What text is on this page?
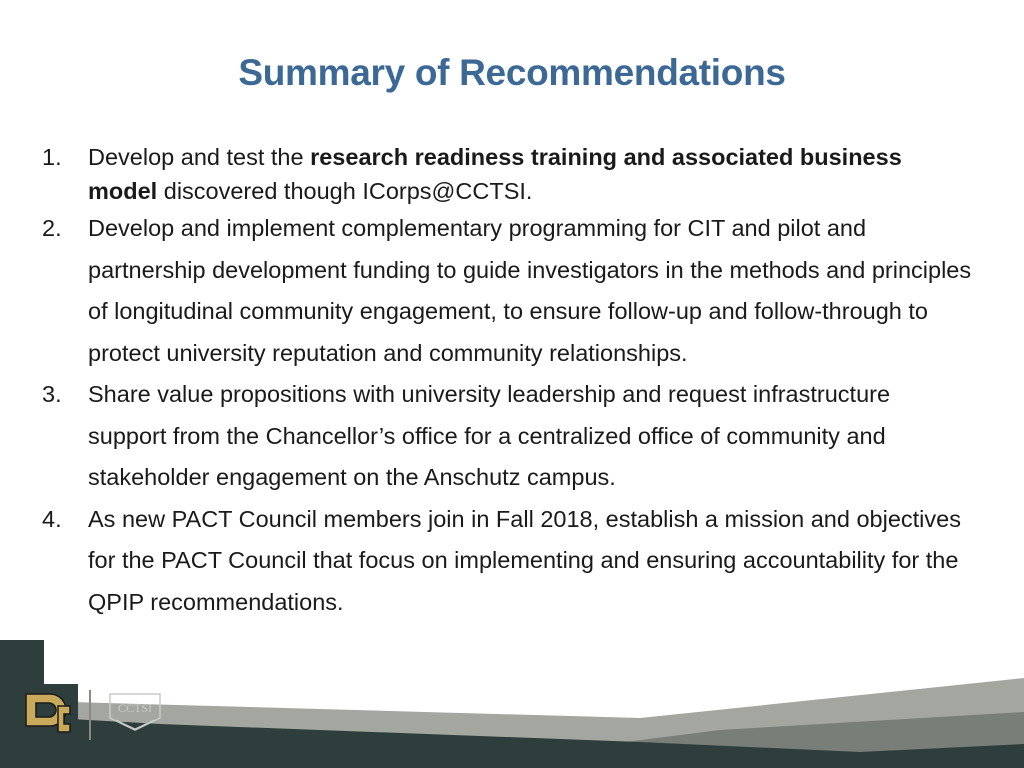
Summary of Recommendations
1. Develop and test the research readiness training and associated business model discovered though ICorps@CCTSI.
2. Develop and implement complementary programming for CIT and pilot and partnership development funding to guide investigators in the methods and principles of longitudinal community engagement, to ensure follow-up and follow-through to protect university reputation and community relationships.
3. Share value propositions with university leadership and request infrastructure support from the Chancellor’s office for a centralized office of community and stakeholder engagement on the Anschutz campus.
4. As new PACT Council members join in Fall 2018, establish a mission and objectives for the PACT Council that focus on implementing and ensuring accountability for the QPIP recommendations.
CCTSI
